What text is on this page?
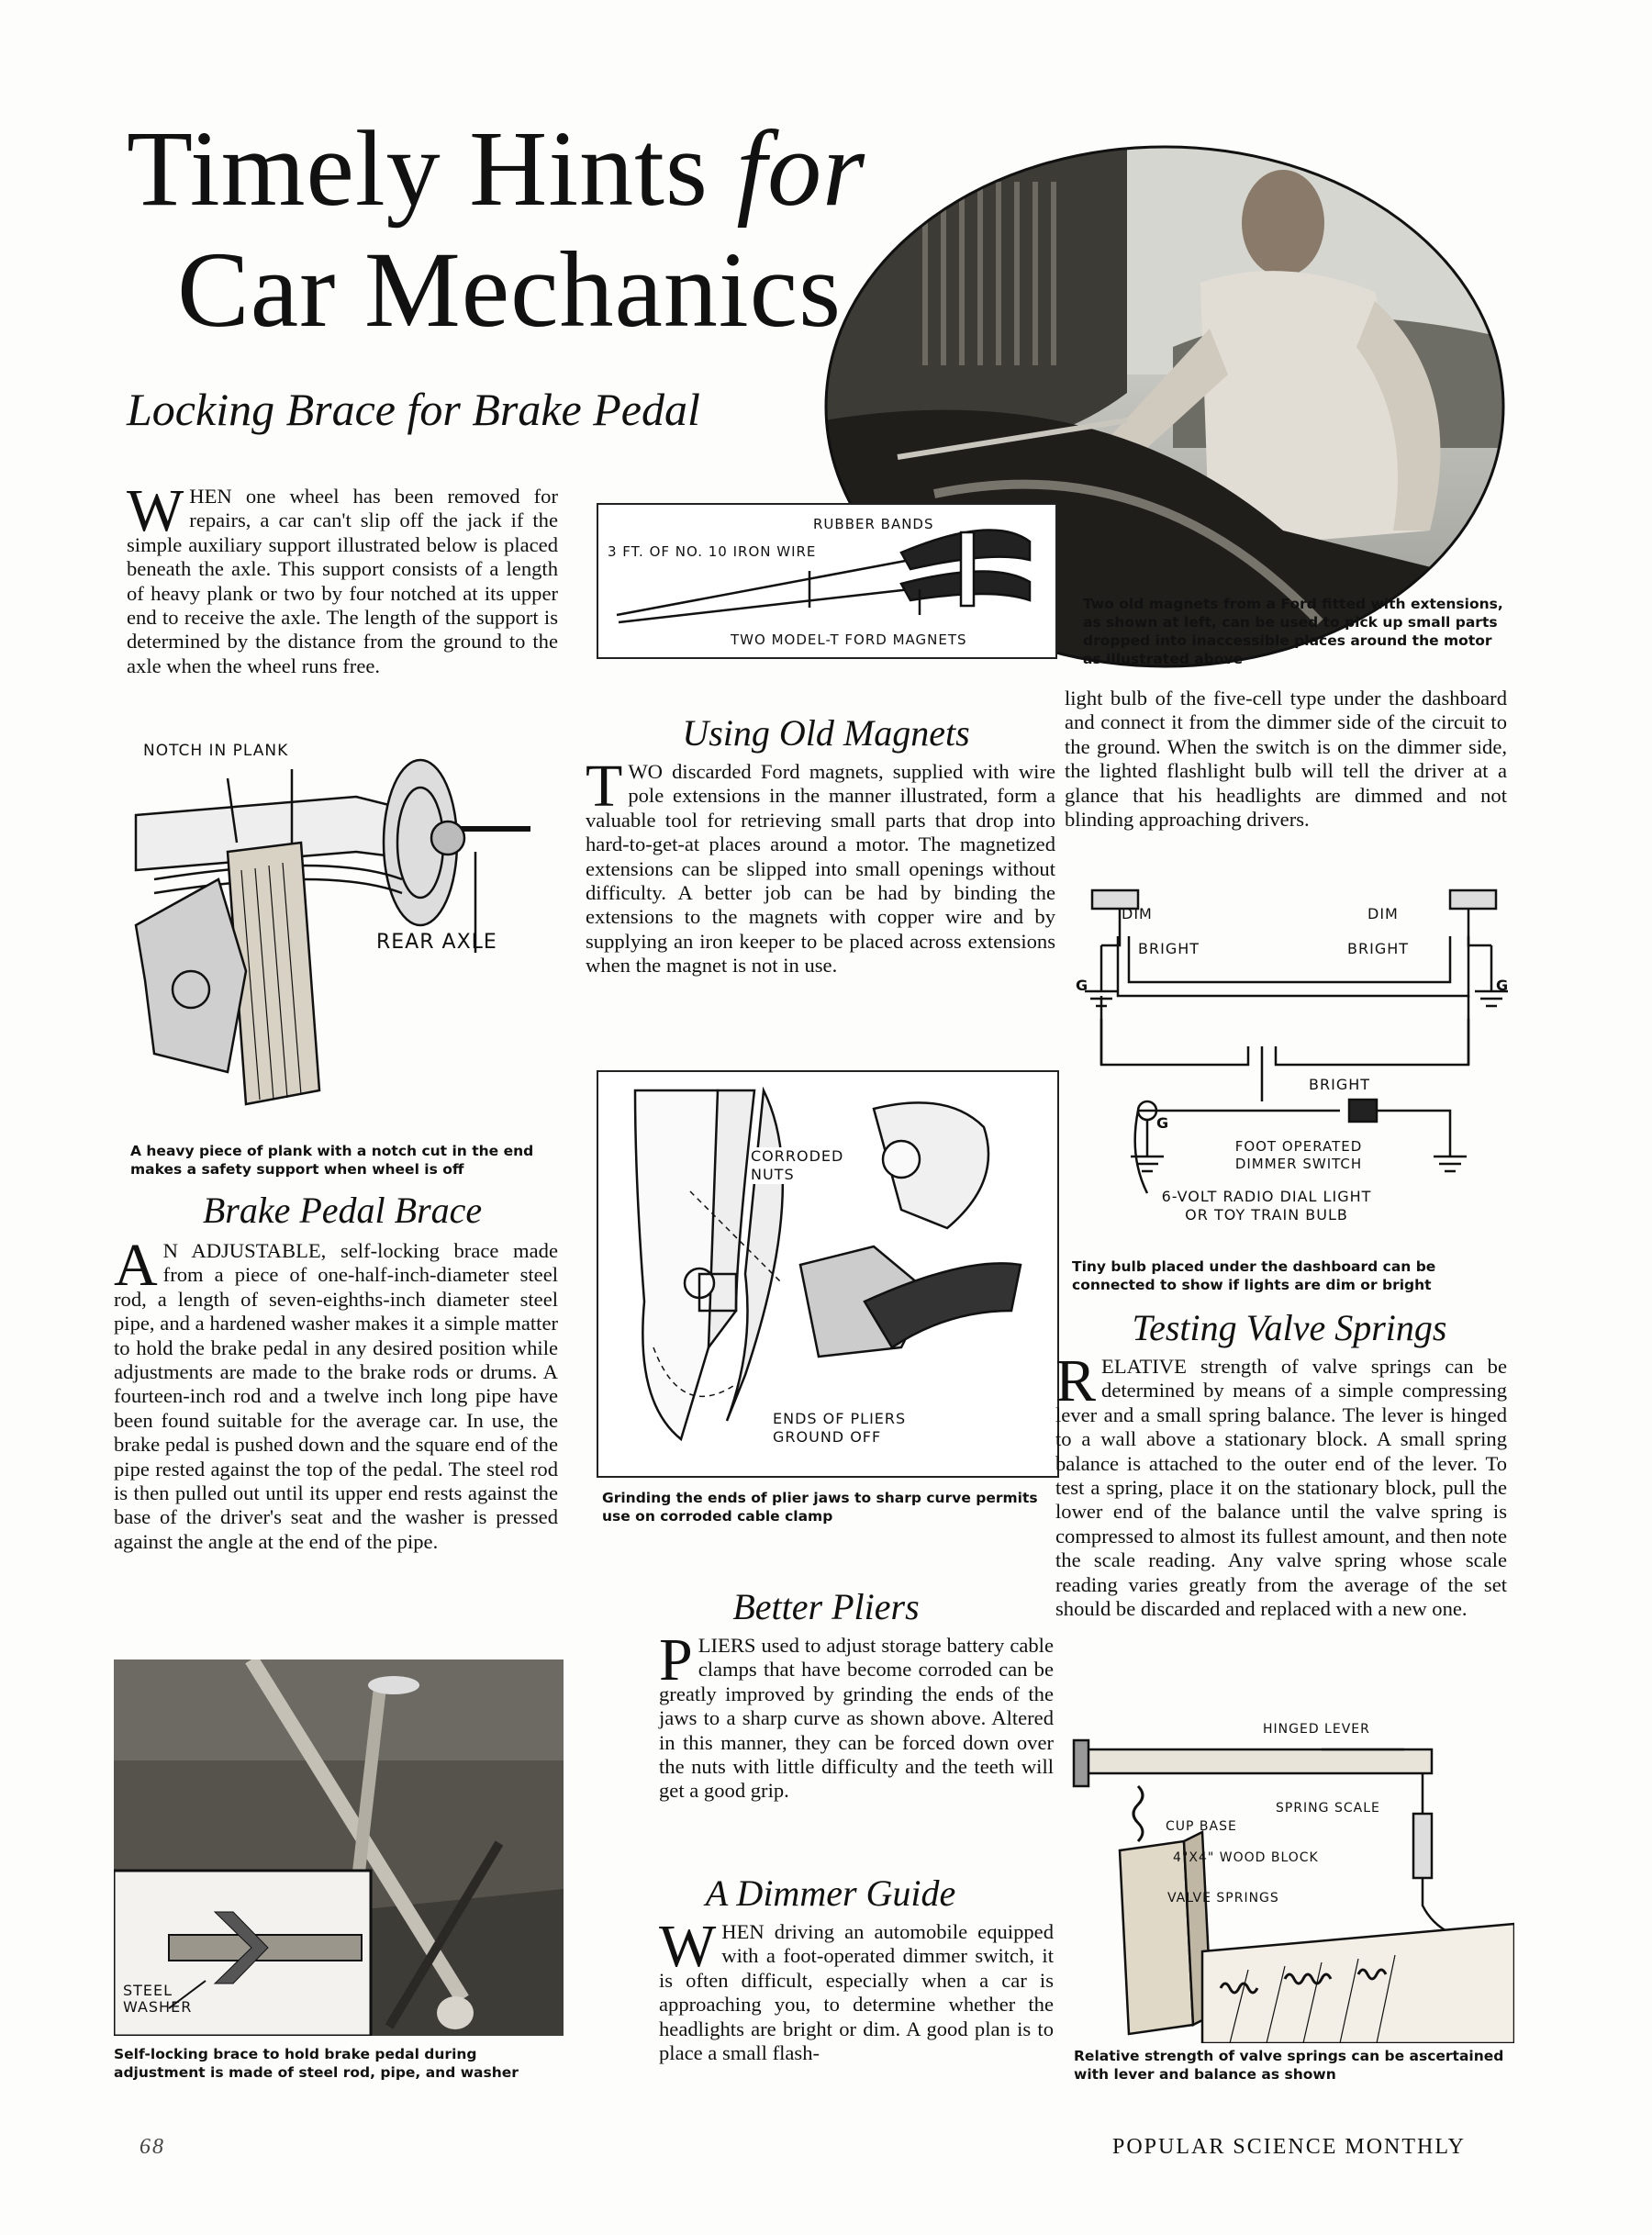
Timely Hints for
Car Mechanics
Locking Brace for Brake Pedal
WHEN one wheel has been removed for repairs, a car can't slip off the jack if the simple auxiliary support illustrated below is placed beneath the axle. This support consists of a length of heavy plank or two by four notched at its upper end to receive the axle. The length of the support is determined by the distance from the ground to the axle when the wheel runs free.
NOTCH IN PLANK
REAR AXLE
A heavy piece of plank with a notch cut in the end makes a safety support when wheel is off
Brake Pedal Brace
A N ADJUSTABLE, self-locking brace made from a piece of one-half-inch-diameter steel rod, a length of seven-eighths-inch diameter steel pipe, and a hardened washer makes it a simple matter to hold the brake pedal in any desired position while adjustments are made to the brake rods or drums. A fourteen-inch rod and a twelve inch long pipe have been found suitable for the average car. In use, the brake pedal is pushed down and the square end of the pipe rested against the top of the pedal. The steel rod is then pulled out until its upper end rests against the base of the driver's seat and the washer is pressed against the angle at the end of the pipe.
STEEL WASHER
Self-locking brace to hold brake pedal during adjustment is made of steel rod, pipe, and washer
RUBBER BANDS
3 FT. OF NO. 10 IRON WIRE
TWO MODEL-T FORD MAGNETS
Two old magnets from a Ford fitted with extensions, as shown at left, can be used to pick up small parts dropped into inaccessible places around the motor as illustrated above
Using Old Magnets
TWO discarded Ford magnets, supplied with wire pole extensions in the manner illustrated, form a valuable tool for retrieving small parts that drop into hard-to-get-at places around a motor. The magnetized extensions can be slipped into small openings without difficulty. A better job can be had by binding the extensions to the magnets with copper wire and by supplying an iron keeper to be placed across extensions when the magnet is not in use.
CORRODED NUTS
ENDS OF PLIERS GROUND OFF
Grinding the ends of plier jaws to sharp curve permits use on corroded cable clamp
Better Pliers
PLIERS used to adjust storage battery cable clamps that have become corroded can be greatly improved by grinding the ends of the jaws to a sharp curve as shown above. Altered in this manner, they can be forced down over the nuts with little difficulty and the teeth will get a good grip.
A Dimmer Guide
WHEN driving an automobile equipped with a foot-operated dimmer switch, it is often difficult, especially when a car is approaching you, to determine whether the headlights are bright or dim. A good plan is to place a small flash-
light bulb of the five-cell type under the dashboard and connect it from the dimmer side of the circuit to the ground. When the switch is on the dimmer side, the lighted flashlight bulb will tell the driver at a glance that his headlights are dimmed and not blinding approaching drivers.
DIM
BRIGHT
DIM
BRIGHT
G	G
BRIGHT
G
FOOT OPERATED DIMMER SWITCH
6-VOLT RADIO DIAL LIGHT OR TOY TRAIN BULB
Tiny bulb placed under the dashboard can be connected to show if lights are dim or bright
Testing Valve Springs
RELATIVE strength of valve springs can be determined by means of a simple compressing lever and a small spring balance. The lever is hinged to a wall above a stationary block. A small spring balance is attached to the outer end of the lever. To test a spring, place it on the stationary block, pull the lower end of the balance until the valve spring is compressed to almost its fullest amount, and then note the scale reading. Any valve spring whose scale reading varies greatly from the average of the set should be discarded and replaced with a new one.
HINGED LEVER
SPRING SCALE
CUP BASE
4"X4" WOOD BLOCK
VALVE SPRINGS
Relative strength of valve springs can be ascertained with lever and balance as shown
68	POPULAR SCIENCE MONTHLY
